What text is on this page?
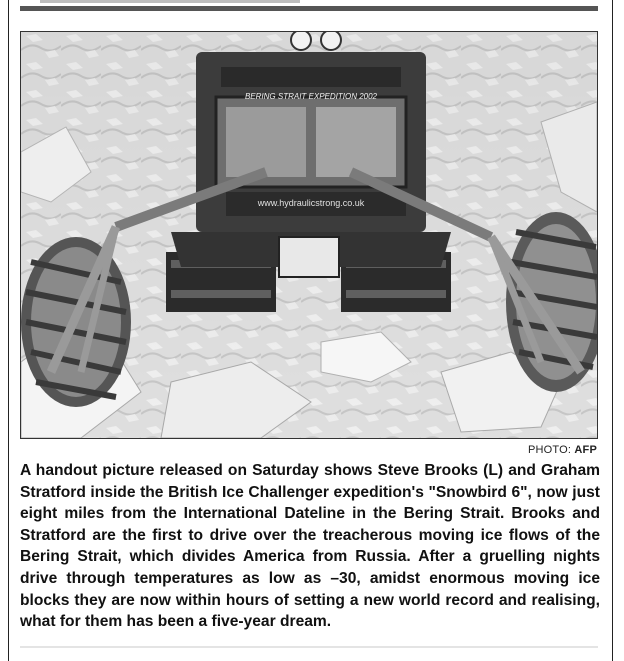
BERING STRAIT EXPEDITION 2002
www.hydraulicstrong.co.uk
PHOTO: AFP
A handout picture released on Saturday shows Steve Brooks (L) and Graham Stratford inside the British Ice Challenger expedition's "Snowbird 6", now just eight miles from the International Dateline in the Bering Strait. Brooks and Stratford are the first to drive over the treacherous moving ice flows of the Bering Strait, which divides America from Russia. After a gruelling nights drive through temperatures as low as –30, amidst enormous moving ice blocks they are now within hours of setting a new world record and realising, what for them has been a five-year dream.
